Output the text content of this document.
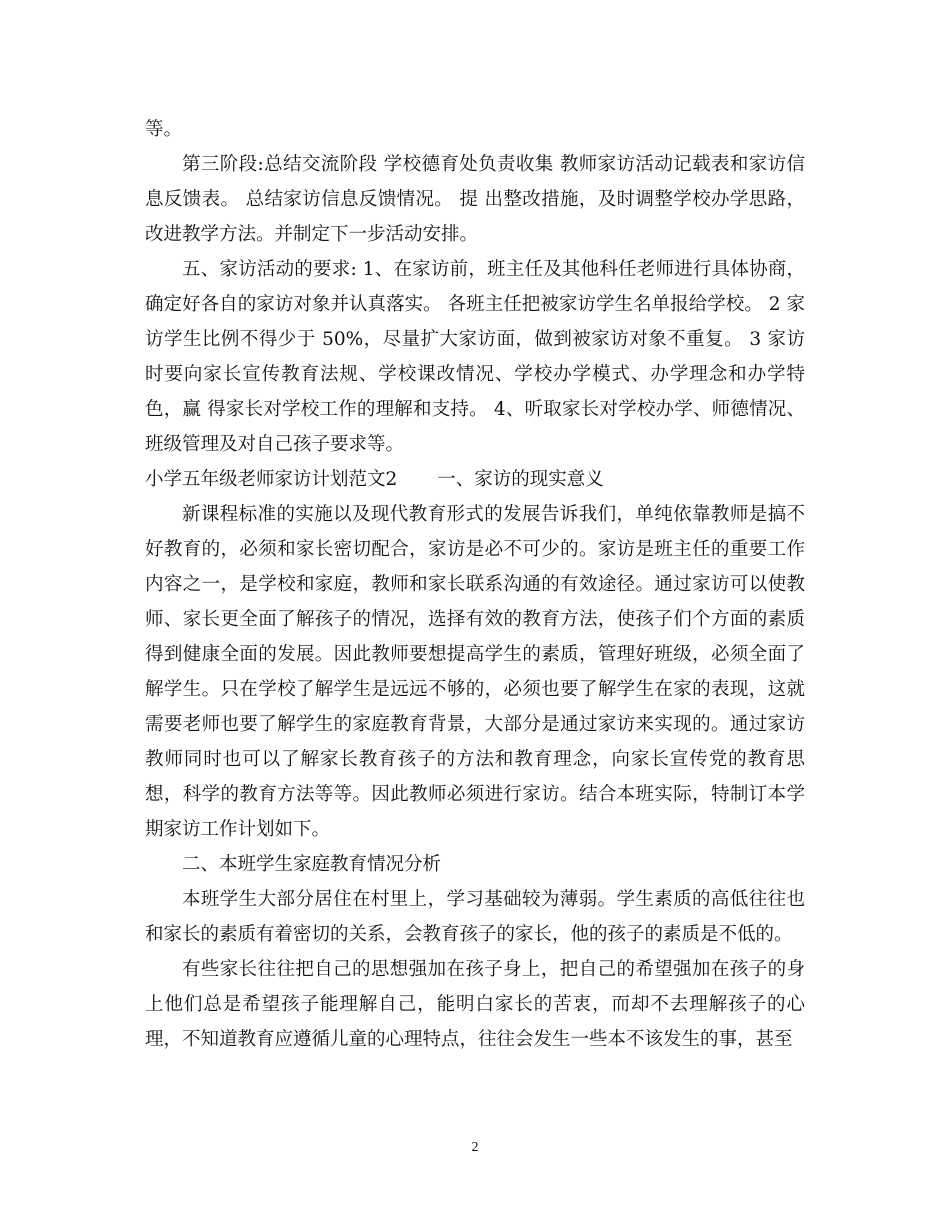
等。

第三阶段:总结交流阶段 学校德育处负责收集 教师家访活动记载表和家访信息反馈表。 总结家访信息反馈情况。 提 出整改措施，及时调整学校办学思路，改进教学方法。并制定下一步活动安排。

五、家访活动的要求: 1、在家访前，班主任及其他科任老师进行具体协商，确定好各自的家访对象并认真落实。 各班主任把被家访学生名单报给学校。 2 家访学生比例不得少于 50%，尽量扩大家访面，做到被家访对象不重复。 3 家访时要向家长宣传教育法规、学校课改情况、学校办学模式、办学理念和办学特色，赢 得家长对学校工作的理解和支持。 4、听取家长对学校办学、师德情况、班级管理及对自己孩子要求等。

小学五年级老师家访计划范文2 一、家访的现实意义

新课程标准的实施以及现代教育形式的发展告诉我们，单纯依靠教师是搞不好教育的，必须和家长密切配合，家访是必不可少的。家访是班主任的重要工作内容之一，是学校和家庭，教师和家长联系沟通的有效途径。通过家访可以使教师、家长更全面了解孩子的情况，选择有效的教育方法，使孩子们个方面的素质得到健康全面的发展。因此教师要想提高学生的素质，管理好班级，必须全面了解学生。只在学校了解学生是远远不够的，必须也要了解学生在家的表现，这就需要老师也要了解学生的家庭教育背景，大部分是通过家访来实现的。通过家访教师同时也可以了解家长教育孩子的方法和教育理念，向家长宣传党的教育思想，科学的教育方法等等。因此教师必须进行家访。结合本班实际，特制订本学期家访工作计划如下。

二、本班学生家庭教育情况分析

本班学生大部分居住在村里上，学习基础较为薄弱。学生素质的高低往往也和家长的素质有着密切的关系，会教育孩子的家长，他的孩子的素质是不低的。

有些家长往往把自己的思想强加在孩子身上，把自己的希望强加在孩子的身上他们总是希望孩子能理解自己，能明白家长的苦衷，而却不去理解孩子的心理，不知道教育应遵循儿童的心理特点，往往会发生一些本不该发生的事，甚至

2
